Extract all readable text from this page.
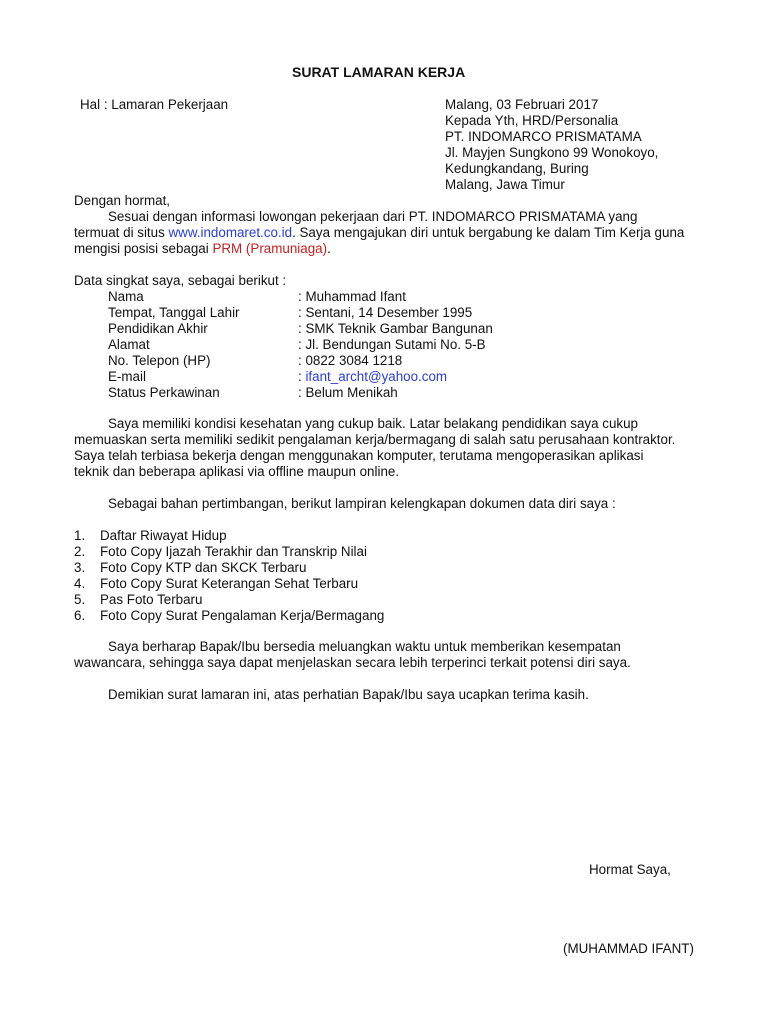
SURAT LAMARAN KERJA
Hal : Lamaran Pekerjaan	Malang, 03 Februari 2017
Kepada Yth, HRD/Personalia
PT. INDOMARCO PRISMATAMA
Jl. Mayjen Sungkono 99 Wonokoyo,
Kedungkandang, Buring
Malang, Jawa Timur
Dengan hormat,
Sesuai dengan informasi lowongan pekerjaan dari PT. INDOMARCO PRISMATAMA yang
termuat di situs www.indomaret.co.id. Saya mengajukan diri untuk bergabung ke dalam Tim Kerja guna
mengisi posisi sebagai PRM (Pramuniaga).
Data singkat saya, sebagai berikut :
Nama	: Muhammad Ifant
Tempat, Tanggal Lahir	: Sentani, 14 Desember 1995
Pendidikan Akhir	: SMK Teknik Gambar Bangunan
Alamat	: Jl. Bendungan Sutami No. 5-B
No. Telepon (HP)	: 0822 3084 1218
E-mail	: ifant_archt@yahoo.com
Status Perkawinan	: Belum Menikah
Saya memiliki kondisi kesehatan yang cukup baik. Latar belakang pendidikan saya cukup
memuaskan serta memiliki sedikit pengalaman kerja/bermagang di salah satu perusahaan kontraktor.
Saya telah terbiasa bekerja dengan menggunakan komputer, terutama mengoperasikan aplikasi
teknik dan beberapa aplikasi via offline maupun online.
Sebagai bahan pertimbangan, berikut lampiran kelengkapan dokumen data diri saya :
1. Daftar Riwayat Hidup
2. Foto Copy Ijazah Terakhir dan Transkrip Nilai
3. Foto Copy KTP dan SKCK Terbaru
4. Foto Copy Surat Keterangan Sehat Terbaru
5. Pas Foto Terbaru
6. Foto Copy Surat Pengalaman Kerja/Bermagang
Saya berharap Bapak/Ibu bersedia meluangkan waktu untuk memberikan kesempatan
wawancara, sehingga saya dapat menjelaskan secara lebih terperinci terkait potensi diri saya.
Demikian surat lamaran ini, atas perhatian Bapak/Ibu saya ucapkan terima kasih.
Hormat Saya,
(MUHAMMAD IFANT)
